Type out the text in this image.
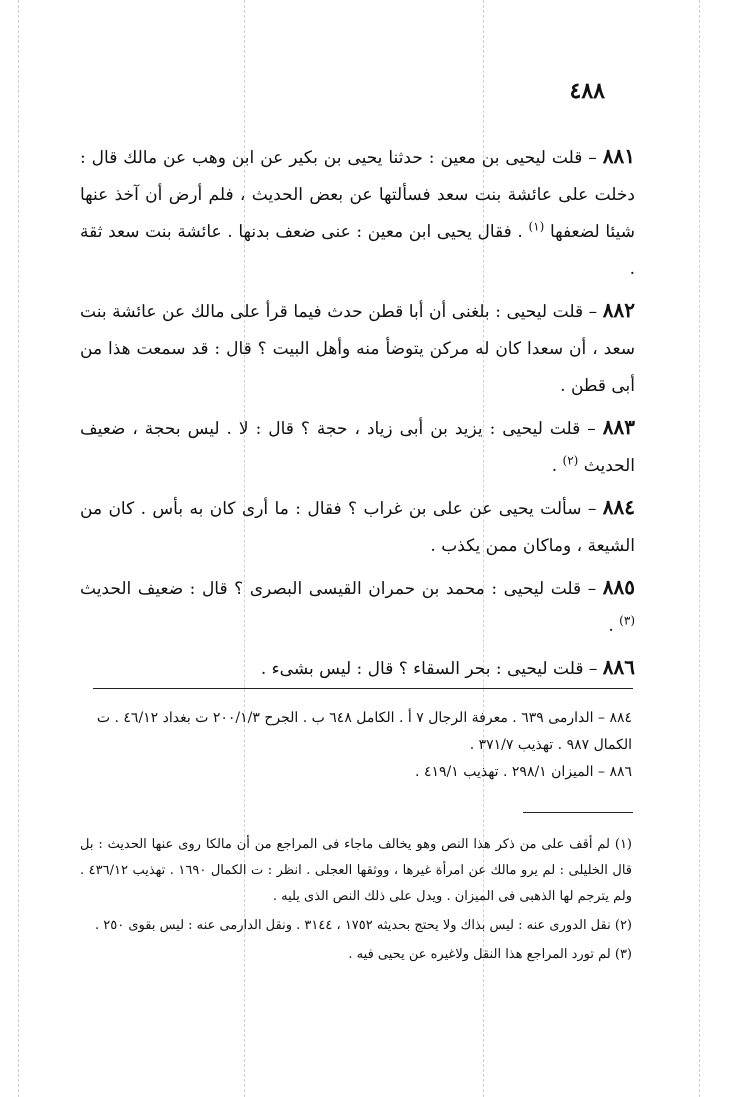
٤٨٨

٨٨١ – قلت ليحيى بن معين : حدثنا يحيى بن بكير عن ابن وهب عن مالك قال : دخلت على عائشة بنت سعد فسألتها عن بعض الحديث ، فلم أرض أن آخذ عنها شيئا لضعفها $^{(١)}$ . فقال يحيى ابن معين : عنى ضعف بدنها . عائشة بنت سعد ثقة .

٨٨٢ – قلت ليحيى : بلغنى أن أبا قطن حدث فيما قرأ على مالك عن عائشة بنت سعد ، أن سعدا كان له مركن يتوضأ منه وأهل البيت ؟ قال : قد سمعت هذا من أبى قطن .

٨٨٣ – قلت ليحيى : يزيد بن أبى زياد ، حجة ؟ قال : لا . ليس بحجة ، ضعيف الحديث $^{(٢)}$ .

٨٨٤ – سألت يحيى عن على بن غراب ؟ فقال : ما أرى كان به بأس . كان من الشيعة ، وماكان ممن يكذب .

٨٨٥ – قلت ليحيى : محمد بن حمران القيسى البصرى ؟ قال : ضعيف الحديث $^{(٣)}$ .

٨٨٦ – قلت ليحيى : بحر السقاء ؟ قال : ليس بشىء .

٨٨٤ – الدارمى ٦٣٩ . معرفة الرجال ٧ أ . الكامل ٦٤٨ ب . الجرح ٢٠٠/١/٣ ت بغداد ٤٦/١٢ . ت الكمال ٩٨٧ . تهذيب ٣٧١/٧ .

٨٨٦ – الميزان ٢٩٨/١ . تهذيب ٤١٩/١ .

(١) لم أقف على من ذكر هذا النص وهو يخالف ماجاء فى المراجع من أن مالكا روى عنها الحديث : بل قال الخليلى : لم يرو مالك عن امرأة غيرها ، ووثقها العجلى . انظر : ت الكمال ١٦٩٠ . تهذيب ٤٣٦/١٢ . ولم يترجم لها الذهبى فى الميزان . ويدل على ذلك النص الذى يليه .

(٢) نقل الدورى عنه : ليس بذاك ولا يحتج بحديثه ١٧٥٢ ، ٣١٤٤ . ونقل الدارمى عنه : ليس بقوى ٢٥٠ .

(٣) لم تورد المراجع هذا النقل ولاغيره عن يحيى فيه .
